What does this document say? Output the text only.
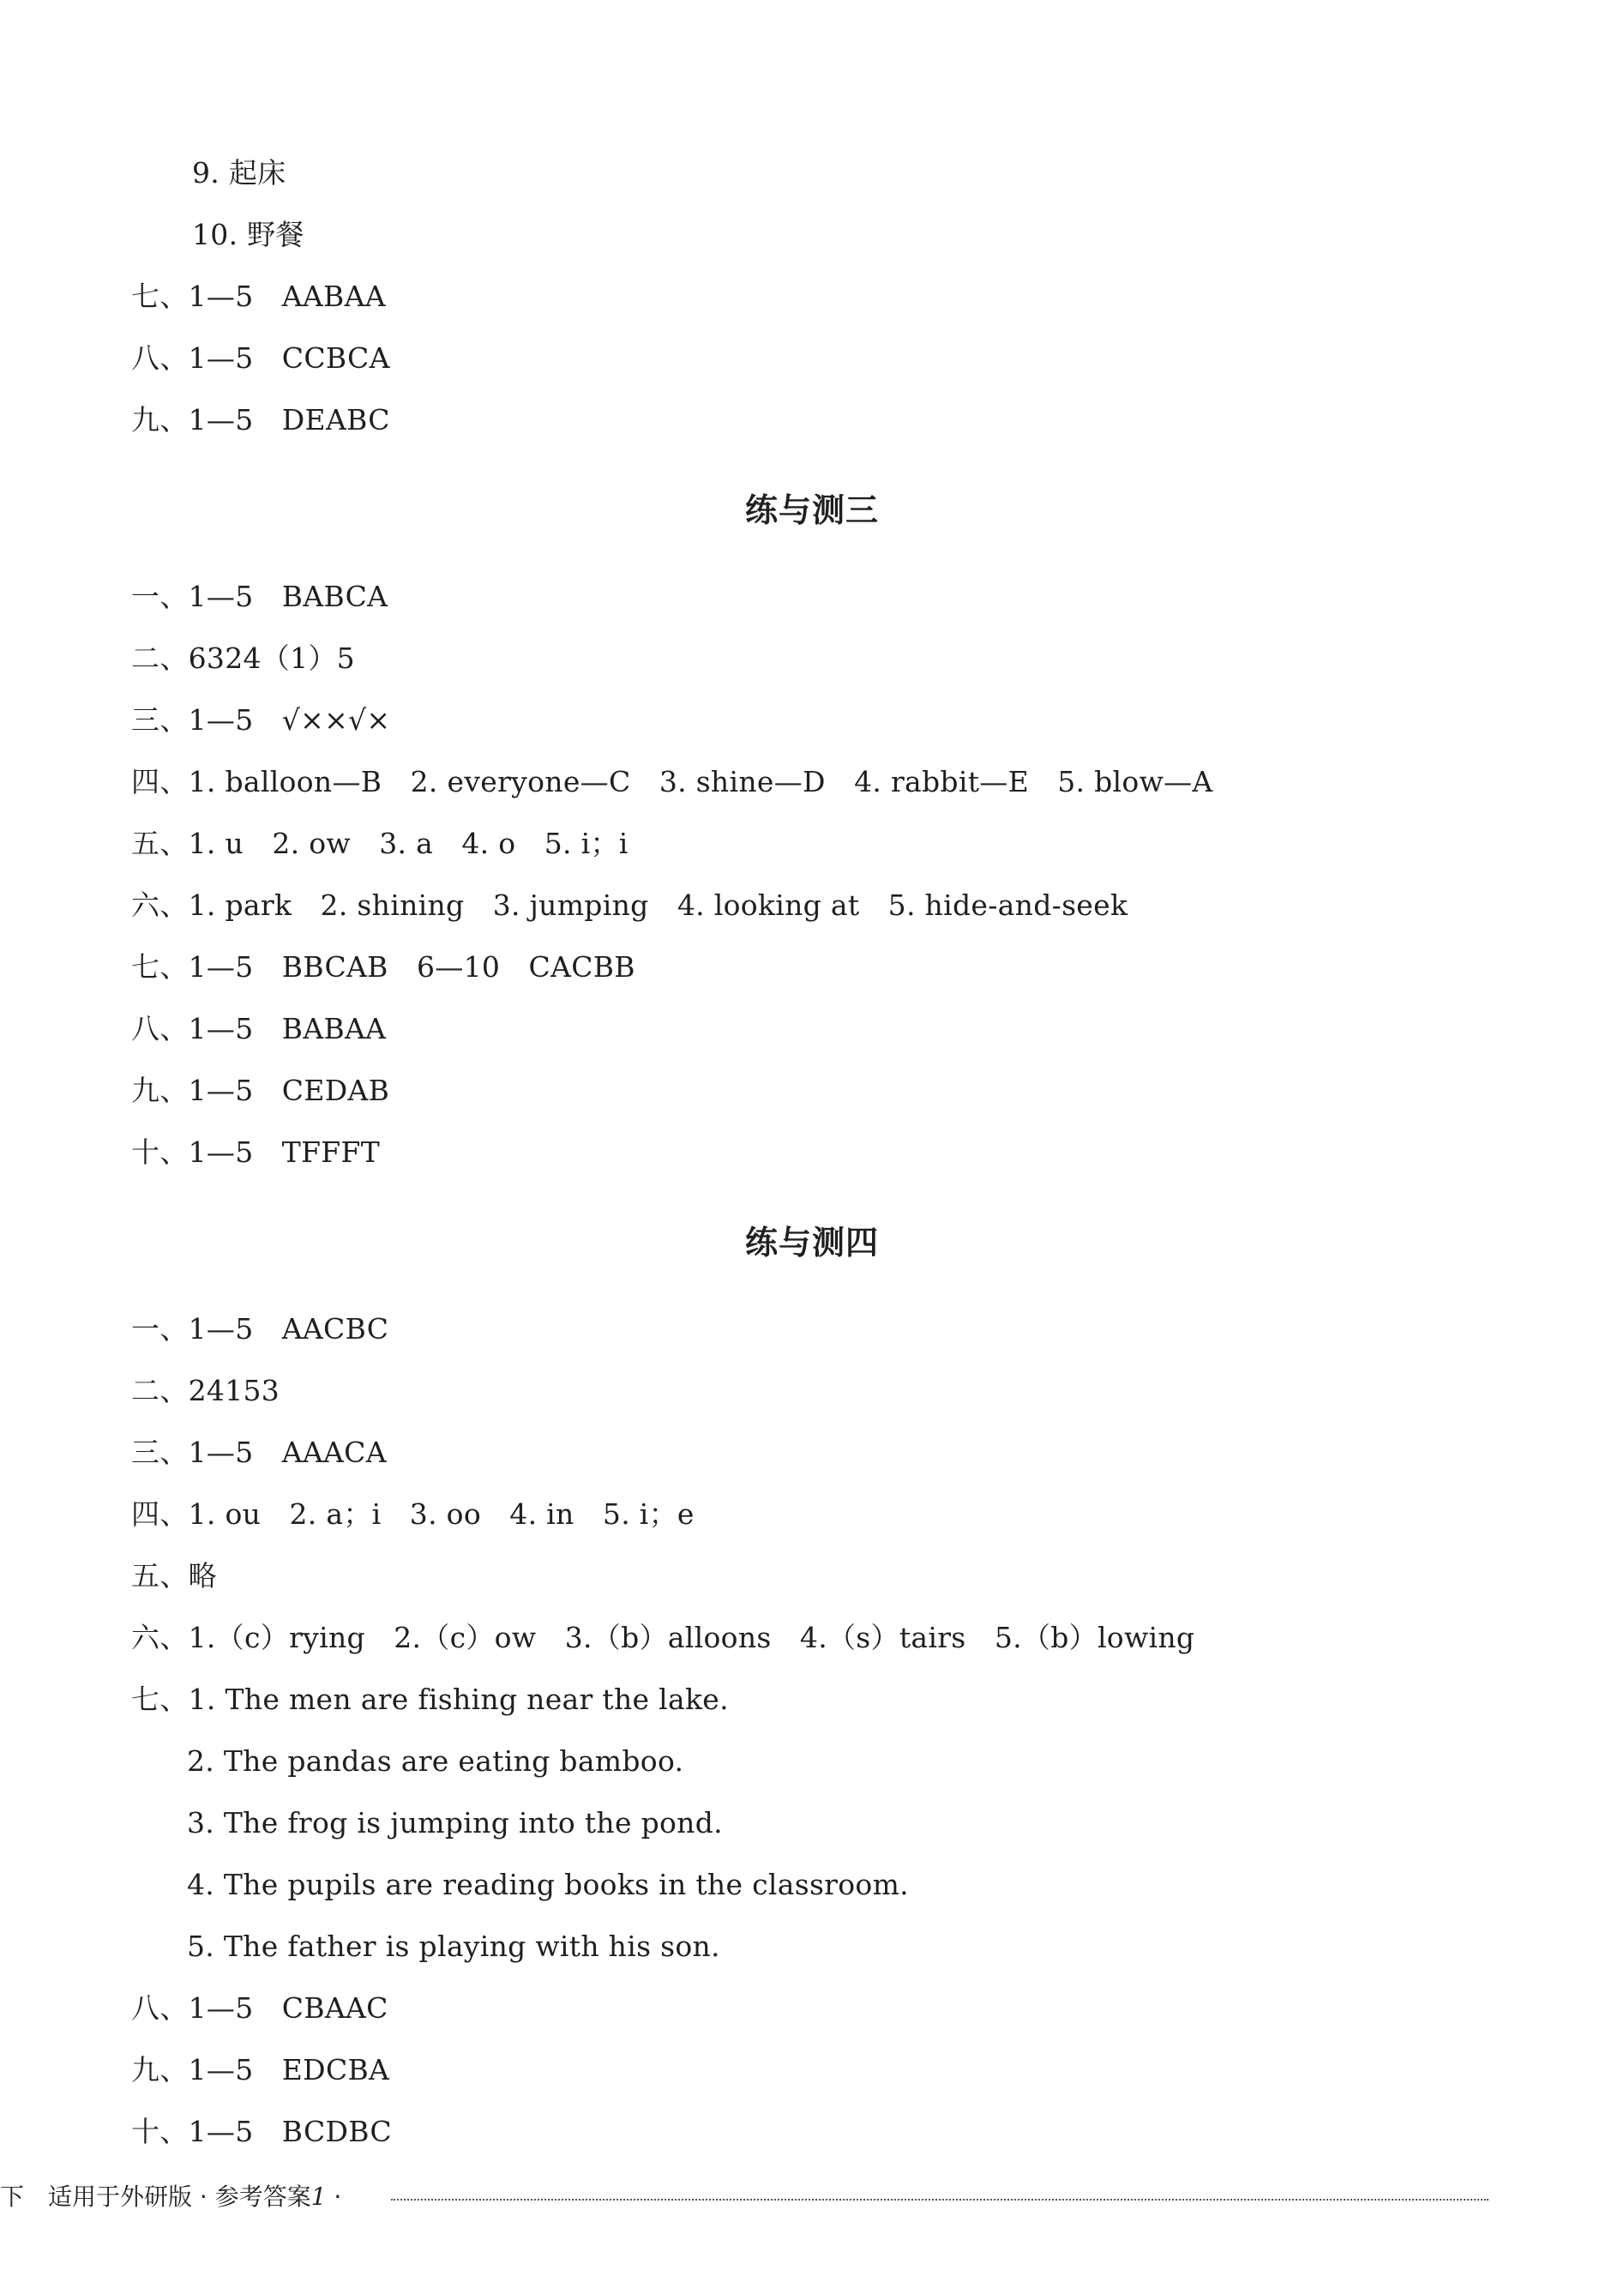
9. 起床
10. 野餐
七、1—5　AABAA
八、1—5　CCBCA
九、1—5　DEABC
练与测三
一、1—5　BABCA
二、6324（1）5
三、1—5　√××√×
四、1. balloon—B　2. everyone—C　3. shine—D　4. rabbit—E　5. blow—A
五、1. u　2. ow　3. a　4. o　5. i；i
六、1. park　2. shining　3. jumping　4. looking at　5. hide-and-seek
七、1—5　BBCAB　6—10　CACBB
八、1—5　BABAA
九、1—5　CEDAB
十、1—5　TFFFT
练与测四
一、1—5　AACBC
二、24153
三、1—5　AAACA
四、1. ou　2. a；i　3. oo　4. in　5. i；e
五、略
六、1.（c）rying　2.（c）ow　3.（b）alloons　4.（s）tairs　5.（b）lowing
七、1. The men are fishing near the lake.
2. The pandas are eating bamboo.
3. The frog is jumping into the pond.
4. The pupils are reading books in the classroom.
5. The father is playing with his son.
八、1—5　CBAAC
九、1—5　EDCBA
十、1—5　BCDBC
下　适用于外研版 · 参考答案1 ·
